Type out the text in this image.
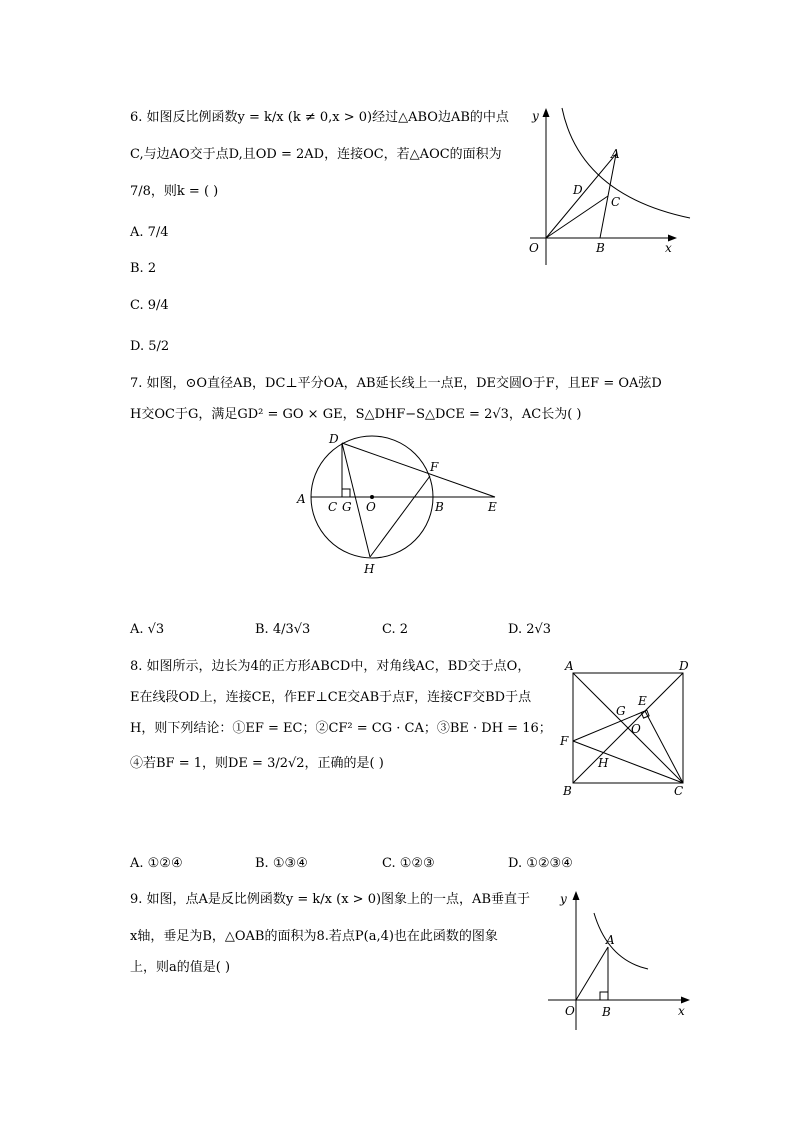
6. 如图反比例函数y = k/x (k ≠ 0,x > 0)经过△ABO边AB的中点
C,与边AO交于点D,且OD = 2AD，连接OC，若△AOC的面积为
7/8，则k = ( )
A. 7/4
B. 2
C. 9/4
D. 5/2
y
x
O
A
B
C
D
7. 如图，⊙O直径AB，DC⊥平分OA，AB延长线上一点E，DE交圆O于F，且EF = OA弦D
H交OC于G，满足GD² = GO × GE，S△DHF−S△DCE = 2√3，AC长为( )
D
F
A
C G O	B	E
H
A. √3	B. 4/3√3	C. 2	D. 2√3
8. 如图所示，边长为4的正方形ABCD中，对角线AC，BD交于点O，
E在线段OD上，连接CE，作EF⊥CE交AB于点F，连接CF交BD于点
H，则下列结论：①EF = EC；②CF² = CG · CA；③BE · DH = 16；
④若BF = 1，则DE = 3/2√2，正确的是( )
A	D
B	C
F
E
G
O
H
A. ①②④	B. ①③④	C. ①②③	D. ①②③④
9. 如图，点A是反比例函数y = k/x (x > 0)图象上的一点，AB垂直于
x轴，垂足为B，△OAB的面积为8.若点P(a,4)也在此函数的图象
上，则a的值是( )
y
x
O B
A
